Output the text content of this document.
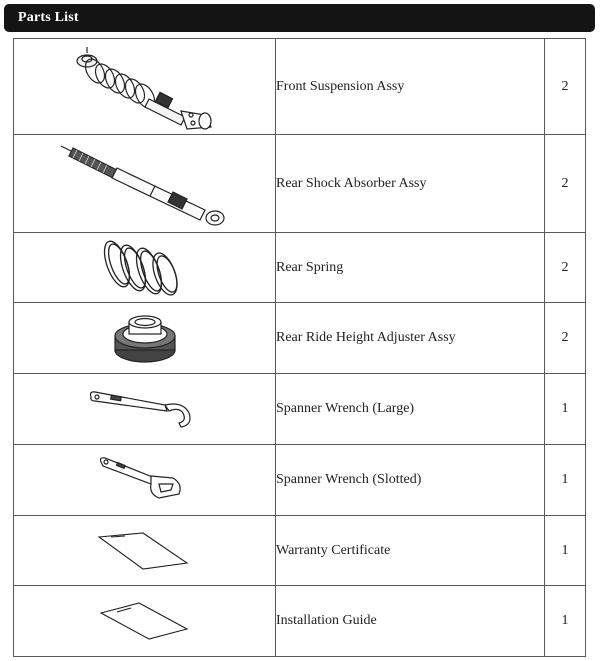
Parts List
	Front Suspension Assy	2

	Rear Shock Absorber Assy	2

	Rear Spring	2

	Rear Ride Height Adjuster Assy	2

	Spanner Wrench (Large)	1

	Spanner Wrench (Slotted)	1

	Warranty Certificate	1

	Installation Guide	1
